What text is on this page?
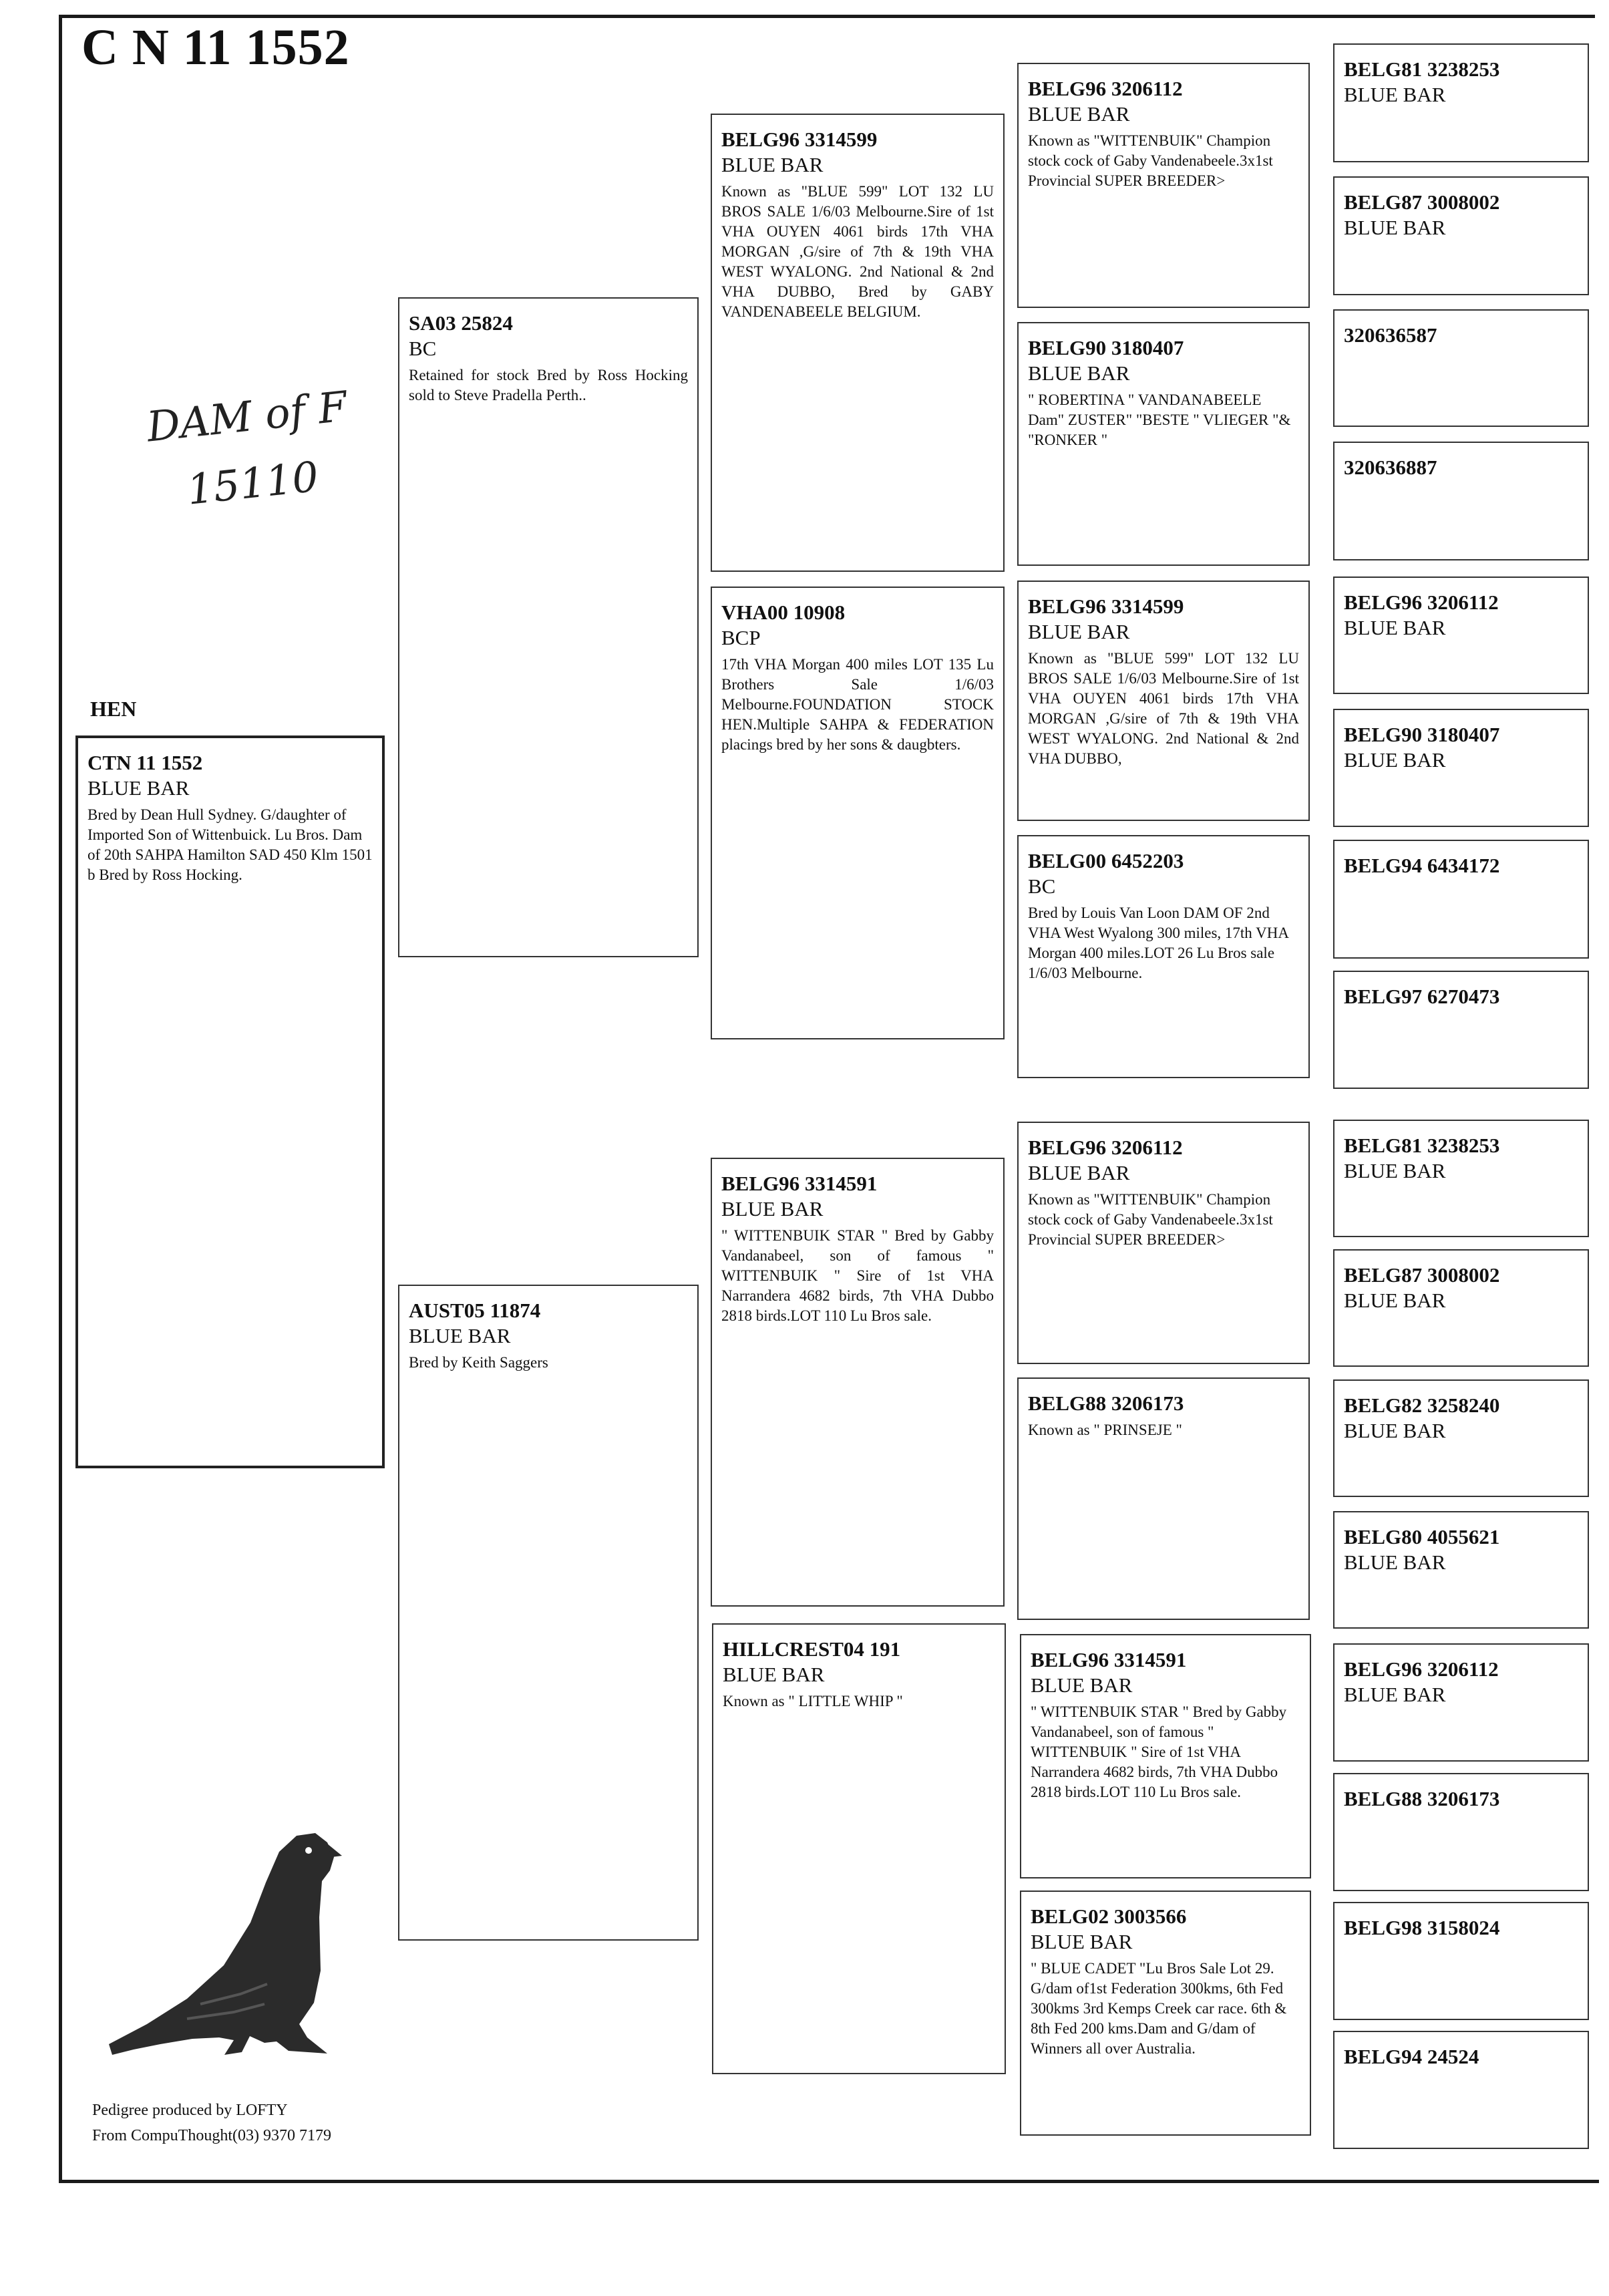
C N 11 1552
DAM of F
15110
HEN
CTN 11 1552
BLUE BAR
Bred by Dean Hull Sydney. G/daughter of Imported Son of Wittenbuick. Lu Bros. Dam of 20th SAHPA Hamilton SAD 450 Klm 1501 b Bred by Ross Hocking.
SA03 25824
BC
Retained for stock Bred by Ross Hocking sold to Steve Pradella Perth..
AUST05 11874
BLUE BAR
Bred by Keith Saggers
BELG96 3314599
BLUE BAR
Known as "BLUE 599" LOT 132 LU BROS SALE 1/6/03 Melbourne.Sire of 1st VHA OUYEN 4061 birds 17th VHA MORGAN ,G/sire of 7th & 19th VHA WEST WYALONG. 2nd National & 2nd VHA DUBBO, Bred by GABY VANDENABEELE BELGIUM.
VHA00 10908
BCP
17th VHA Morgan 400 miles LOT 135 Lu Brothers Sale 1/6/03 Melbourne.FOUNDATION STOCK HEN.Multiple SAHPA & FEDERATION placings bred by her sons & daugbters.
BELG96 3314591
BLUE BAR
" WITTENBUIK STAR " Bred by Gabby Vandanabeel, son of famous " WITTENBUIK " Sire of 1st VHA Narrandera 4682 birds, 7th VHA Dubbo 2818 birds.LOT 110 Lu Bros sale.
HILLCREST04 191
BLUE BAR
Known as " LITTLE WHIP "
BELG96 3206112
BLUE BAR
Known as "WITTENBUIK" Champion stock cock of Gaby Vandenabeele.3x1st Provincial SUPER BREEDER>
BELG90 3180407
BLUE BAR
" ROBERTINA " VANDANABEELE Dam" ZUSTER" "BESTE " VLIEGER "& "RONKER "
BELG96 3314599
BLUE BAR
Known as "BLUE 599" LOT 132 LU BROS SALE 1/6/03 Melbourne.Sire of 1st VHA OUYEN 4061 birds 17th VHA MORGAN ,G/sire of 7th & 19th VHA WEST WYALONG. 2nd National & 2nd VHA DUBBO,
BELG00 6452203
BC
Bred by Louis Van Loon DAM OF 2nd VHA West Wyalong 300 miles, 17th VHA Morgan 400 miles.LOT 26 Lu Bros sale 1/6/03 Melbourne.
BELG96 3206112
BLUE BAR
Known as "WITTENBUIK" Champion stock cock of Gaby Vandenabeele.3x1st Provincial SUPER BREEDER>
BELG88 3206173
Known as " PRINSEJE "
BELG96 3314591
BLUE BAR
" WITTENBUIK STAR " Bred by Gabby Vandanabeel, son of famous " WITTENBUIK " Sire of 1st VHA Narrandera 4682 birds, 7th VHA Dubbo 2818 birds.LOT 110 Lu Bros sale.
BELG02 3003566
BLUE BAR
" BLUE CADET "Lu Bros Sale Lot 29. G/dam of1st Federation 300kms, 6th Fed 300kms 3rd Kemps Creek car race. 6th & 8th Fed 200 kms.Dam and G/dam of Winners all over Australia.
BELG81 3238253
BLUE BAR
BELG87 3008002
BLUE BAR
320636587
320636887
BELG96 3206112
BLUE BAR
BELG90 3180407
BLUE BAR
BELG94 6434172
BELG97 6270473
BELG81 3238253
BLUE BAR
BELG87 3008002
BLUE BAR
BELG82 3258240
BLUE BAR
BELG80 4055621
BLUE BAR
BELG96 3206112
BLUE BAR
BELG88 3206173
BELG98 3158024
BELG94 24524
Pedigree produced by LOFTY
From CompuThought(03) 9370 7179
